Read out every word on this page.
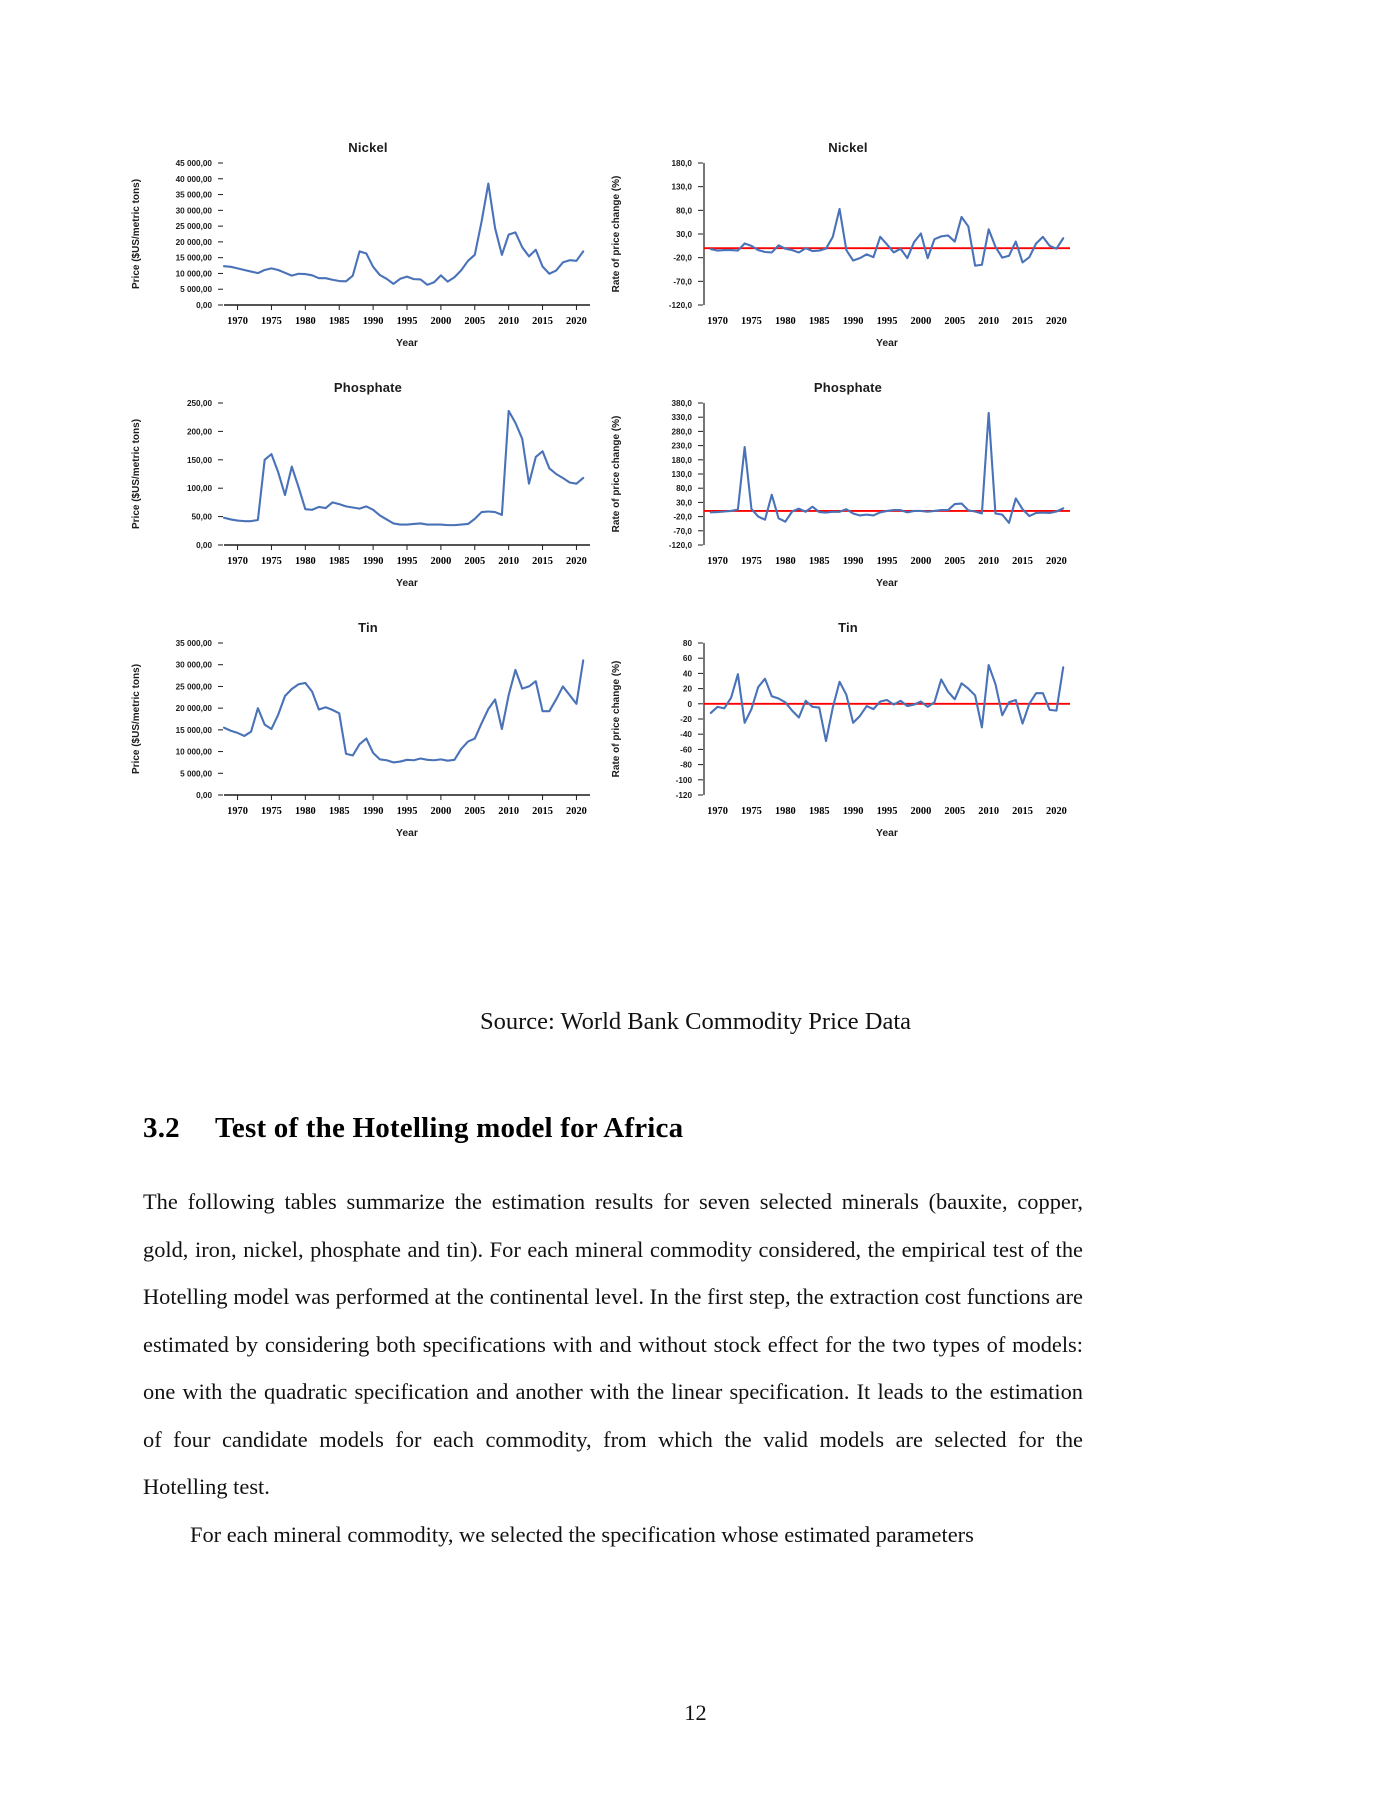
Nickel
45 000,00
40 000,00
35 000,00
30 000,00
25 000,00
20 000,00
15 000,00
10 000,00
5 000,00
0,00
1970 1975 1980 1985 1990 1995 2000 2005 2010 2015 2020
Price ($US/metric tons)
Year
Nickel
180,0
130,0
80,0
30,0
-20,0
-70,0
-120,0
1970 1975 1980 1985 1990 1995 2000 2005 2010 2015 2020
Rate of price change (%)
Year
Phosphate
250,00
200,00
150,00
100,00
50,00
0,00
1970 1975 1980 1985 1990 1995 2000 2005 2010 2015 2020
Price ($US/metric tons)
Year
Phosphate
380,0
330,0
280,0
230,0
180,0
130,0
80,0
30,0
-20,0
-70,0
-120,0
1970 1975 1980 1985 1990 1995 2000 2005 2010 2015 2020
Rate of price change (%)
Year
Tin
35 000,00
30 000,00
25 000,00
20 000,00
15 000,00
10 000,00
5 000,00
0,00
1970 1975 1980 1985 1990 1995 2000 2005 2010 2015 2020
Price ($US/metric tons)
Year
Tin
80
60
40
20
0
-20
-40
-60
-80
-100
-120
1970 1975 1980 1985 1990 1995 2000 2005 2010 2015 2020
Rate of price change (%)
Year
Source: World Bank Commodity Price Data
3.2 Test of the Hotelling model for Africa

The following tables summarize the estimation results for seven selected minerals (bauxite, copper, gold, iron, nickel, phosphate and tin). For each mineral commodity considered, the empirical test of the Hotelling model was performed at the continental level. In the first step, the extraction cost functions are estimated by considering both specifications with and without stock effect for the two types of models: one with the quadratic specification and another with the linear specification. It leads to the estimation of four candidate models for each commodity, from which the valid models are selected for the Hotelling test.

For each mineral commodity, we selected the specification whose estimated parameters

12
